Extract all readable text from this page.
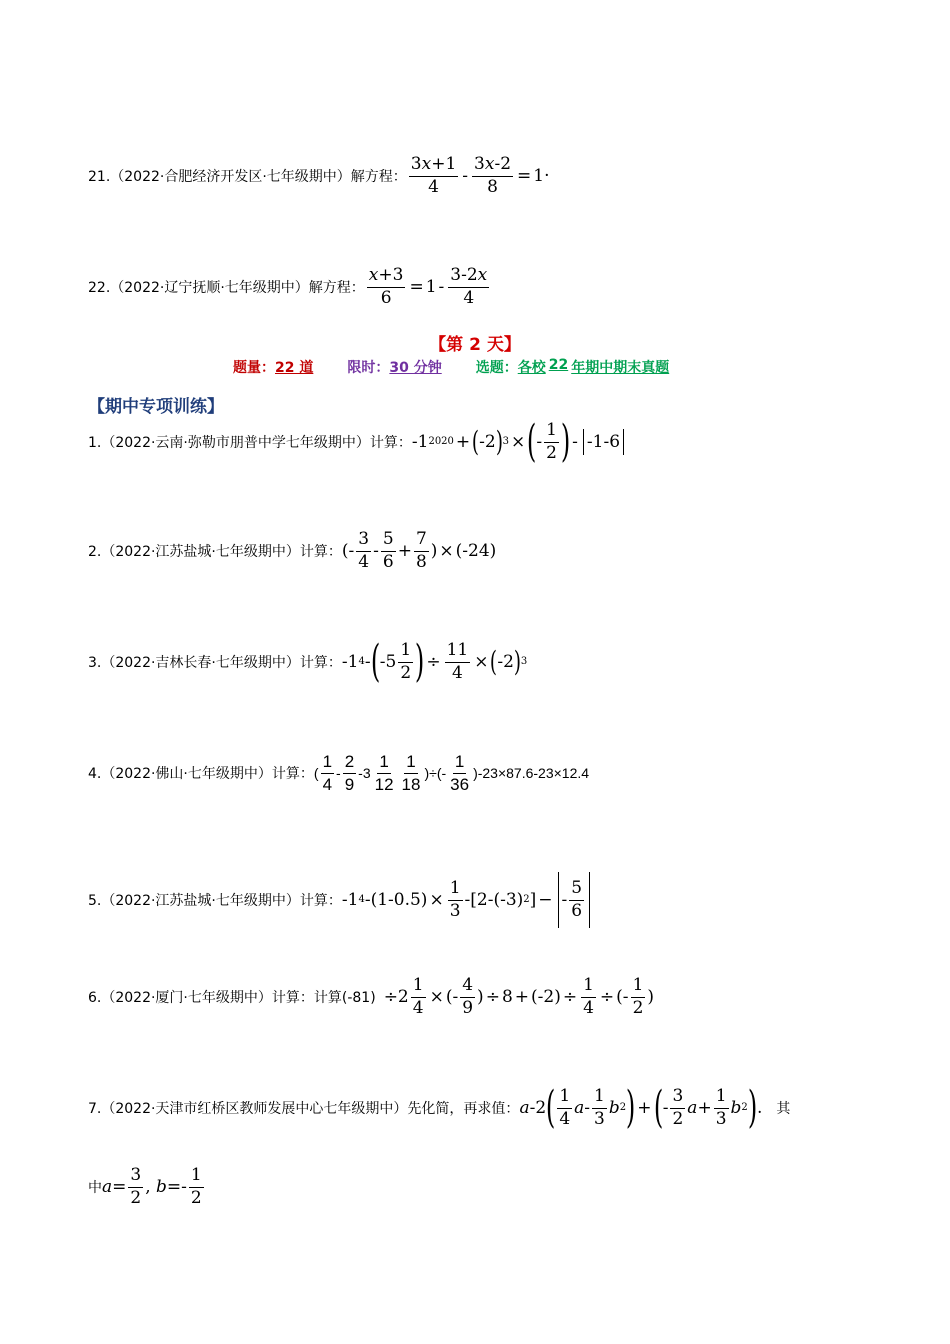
21.（2022·合肥经济开发区·七年级期中）解方程： $\frac{3x+1}{4} - \frac{3x-2}{8} = 1\cdot$
22.（2022·辽宁抚顺·七年级期中）解方程： $\frac{x+3}{6} = 1 - \frac{3-2x}{4}$
【第 2 天】
题量： 22 道 限时： 30 分钟 选题： 各校 22 年期中期末真题
【期中专项训练】
1.（2022·云南·弥勒市朋普中学七年级期中）计算： -1 2020 + ( -2 ) 3 × ( - $\frac{1}{2}$ ) - -1-6
2.（2022·江苏盐城·七年级期中）计算： (- $\frac{3}{4} - \frac{5}{6} + \frac{7}{8}$ ) × (-24)
3.（2022·吉林长春·七年级期中）计算： -1 4 - ( $-5 \frac{1}{2}$ ) ÷ $\frac{11}{4}$ × ( -2 ) 3
4.（2022·佛山·七年级期中）计算： ( $\frac{1}{4} - \frac{2}{9} -3 \frac{1}{12} \frac{1}{18}$ )÷(- $\frac{1}{36}$ )- 23×87.6-23×12.4
5.（2022·江苏盐城·七年级期中）计算： -1 4 $-(1-0.5) \times \frac{1}{3} -[2-(-3)$ 2 ] − - $\frac{5}{6}$
6.（2022·厦门·七年级期中）计算： 计算$(-81) \div 2 \frac{1}{4}$ × (- $\frac{4}{9}$ ) ÷ $8 + (-2) \div \frac{1}{4}$ ÷ (- $\frac{1}{2}$ )
7.（2022·天津市红桥区教师发展中心七年级期中）先化简，再求值： a -2 ( $\frac{1}{4}$ a - $\frac{1}{3}$ b 2 ) + ( - $\frac{3}{2}$ $a + \frac{1}{3}$ b 2 ) . 其
中 $a = \frac{3}{2}$ , $b =- \frac{1}{2}$
